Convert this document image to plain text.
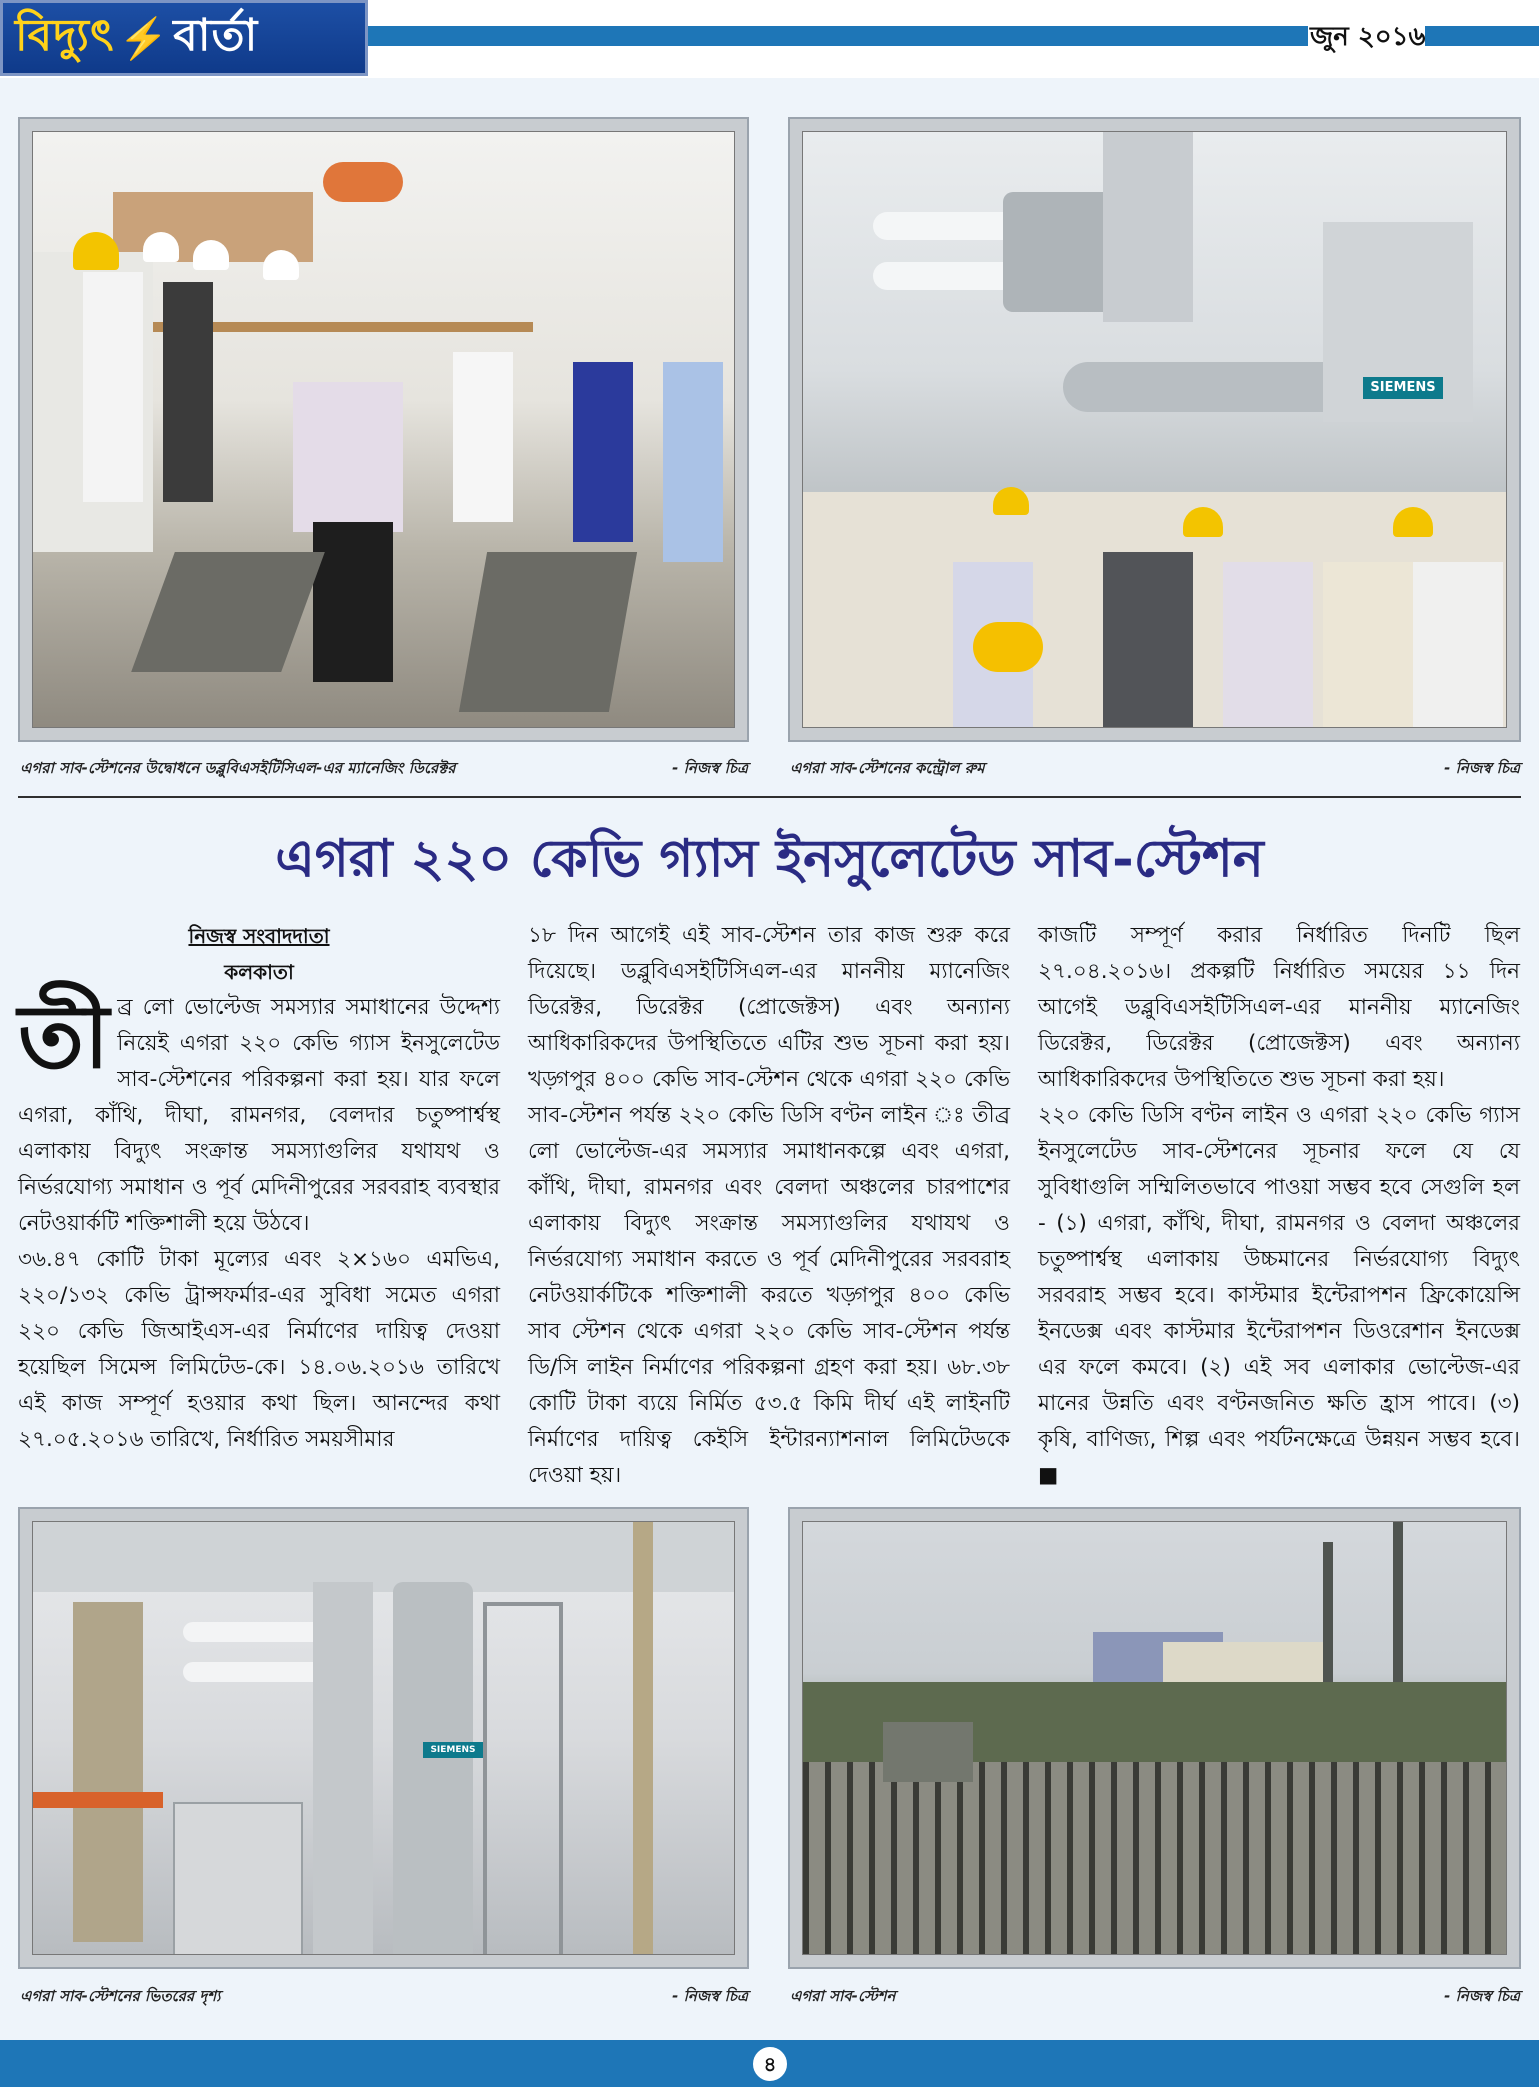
বিদ্যুৎ ⚡ বার্তা	জুন ২০১৬
এগরা সাব-স্টেশনের উদ্বোধনে ডব্লুবিএসইটিসিএল-এর ম্যানেজিং ডিরেক্টর	- নিজস্ব চিত্র
SIEMENS
এগরা সাব-স্টেশনের কন্ট্রোল রুম	- নিজস্ব চিত্র
এগরা ২২০ কেভি গ্যাস ইনসুলেটেড সাব-স্টেশন
নিজস্ব সংবাদদাতা
কলকাতা

তীব্র লো ভোল্টেজ সমস্যার সমাধানের উদ্দেশ্য নিয়েই এগরা ২২০ কেভি গ্যাস ইনসুলেটেড সাব-স্টেশনের পরিকল্পনা করা হয়। যার ফলে এগরা, কাঁথি, দীঘা, রামনগর, বেলদার চতুষ্পার্শ্বস্থ এলাকায় বিদ্যুৎ সংক্রান্ত সমস্যাগুলির যথাযথ ও নির্ভরযোগ্য সমাধান ও পূর্ব মেদিনীপুরের সরবরাহ ব্যবস্থার নেটওয়ার্কটি শক্তিশালী হয়ে উঠবে।

৩৬.৪৭ কোটি টাকা মূল্যের এবং ২×১৬০ এমভিএ, ২২০/১৩২ কেভি ট্রান্সফর্মার-এর সুবিধা সমেত এগরা ২২০ কেভি জিআইএস-এর নির্মাণের দায়িত্ব দেওয়া হয়েছিল সিমেন্স লিমিটেড-কে। ১৪.০৬.২০১৬ তারিখে এই কাজ সম্পূর্ণ হওয়ার কথা ছিল। আনন্দের কথা ২৭.০৫.২০১৬ তারিখে, নির্ধারিত সময়সীমার

১৮ দিন আগেই এই সাব-স্টেশন তার কাজ শুরু করে দিয়েছে। ডব্লুবিএসইটিসিএল-এর মাননীয় ম্যানেজিং ডিরেক্টর, ডিরেক্টর (প্রোজেক্টস) এবং অন্যান্য আধিকারিকদের উপস্থিতিতে এটির শুভ সূচনা করা হয়। খড়্গপুর ৪০০ কেভি সাব-স্টেশন থেকে এগরা ২২০ কেভি সাব-স্টেশন পর্যন্ত ২২০ কেভি ডিসি বণ্টন লাইন ঃ তীব্র লো ভোল্টেজ-এর সমস্যার সমাধানকল্পে এবং এগরা, কাঁথি, দীঘা, রামনগর এবং বেলদা অঞ্চলের চারপাশের এলাকায় বিদ্যুৎ সংক্রান্ত সমস্যাগুলির যথাযথ ও নির্ভরযোগ্য সমাধান করতে ও পূর্ব মেদিনীপুরের সরবরাহ নেটওয়ার্কটিকে শক্তিশালী করতে খড়্গপুর ৪০০ কেভি সাব স্টেশন থেকে এগরা ২২০ কেভি সাব-স্টেশন পর্যন্ত ডি/সি লাইন নির্মাণের পরিকল্পনা গ্রহণ করা হয়। ৬৮.৩৮ কোটি টাকা ব্যয়ে নির্মিত ৫৩.৫ কিমি দীর্ঘ এই লাইনটি নির্মাণের দায়িত্ব কেইসি ইন্টারন্যাশনাল লিমিটেডকে দেওয়া হয়।

কাজটি সম্পূর্ণ করার নির্ধারিত দিনটি ছিল ২৭.০৪.২০১৬। প্রকল্পটি নির্ধারিত সময়ের ১১ দিন আগেই ডব্লুবিএসইটিসিএল-এর মাননীয় ম্যানেজিং ডিরেক্টর, ডিরেক্টর (প্রোজেক্টস) এবং অন্যান্য আধিকারিকদের উপস্থিতিতে শুভ সূচনা করা হয়।

২২০ কেভি ডিসি বণ্টন লাইন ও এগরা ২২০ কেভি গ্যাস ইনসুলেটেড সাব-স্টেশনের সূচনার ফলে যে যে সুবিধাগুলি সম্মিলিতভাবে পাওয়া সম্ভব হবে সেগুলি হল - (১) এগরা, কাঁথি, দীঘা, রামনগর ও বেলদা অঞ্চলের চতুষ্পার্শ্বস্থ এলাকায় উচ্চমানের নির্ভরযোগ্য বিদ্যুৎ সরবরাহ সম্ভব হবে। কাস্টমার ইন্টেরাপশন ফ্রিকোয়েন্সি ইনডেক্স এবং কাস্টমার ইন্টেরাপশন ডিওরেশান ইনডেক্স এর ফলে কমবে। (২) এই সব এলাকার ভোল্টেজ-এর মানের উন্নতি এবং বণ্টনজনিত ক্ষতি হ্রাস পাবে। (৩) কৃষি, বাণিজ্য, শিল্প এবং পর্যটনক্ষেত্রে উন্নয়ন সম্ভব হবে।■

SIEMENS
এগরা সাব-স্টেশনের ভিতরের দৃশ্য	- নিজস্ব চিত্র	এগরা সাব-স্টেশন	- নিজস্ব চিত্র
৪
